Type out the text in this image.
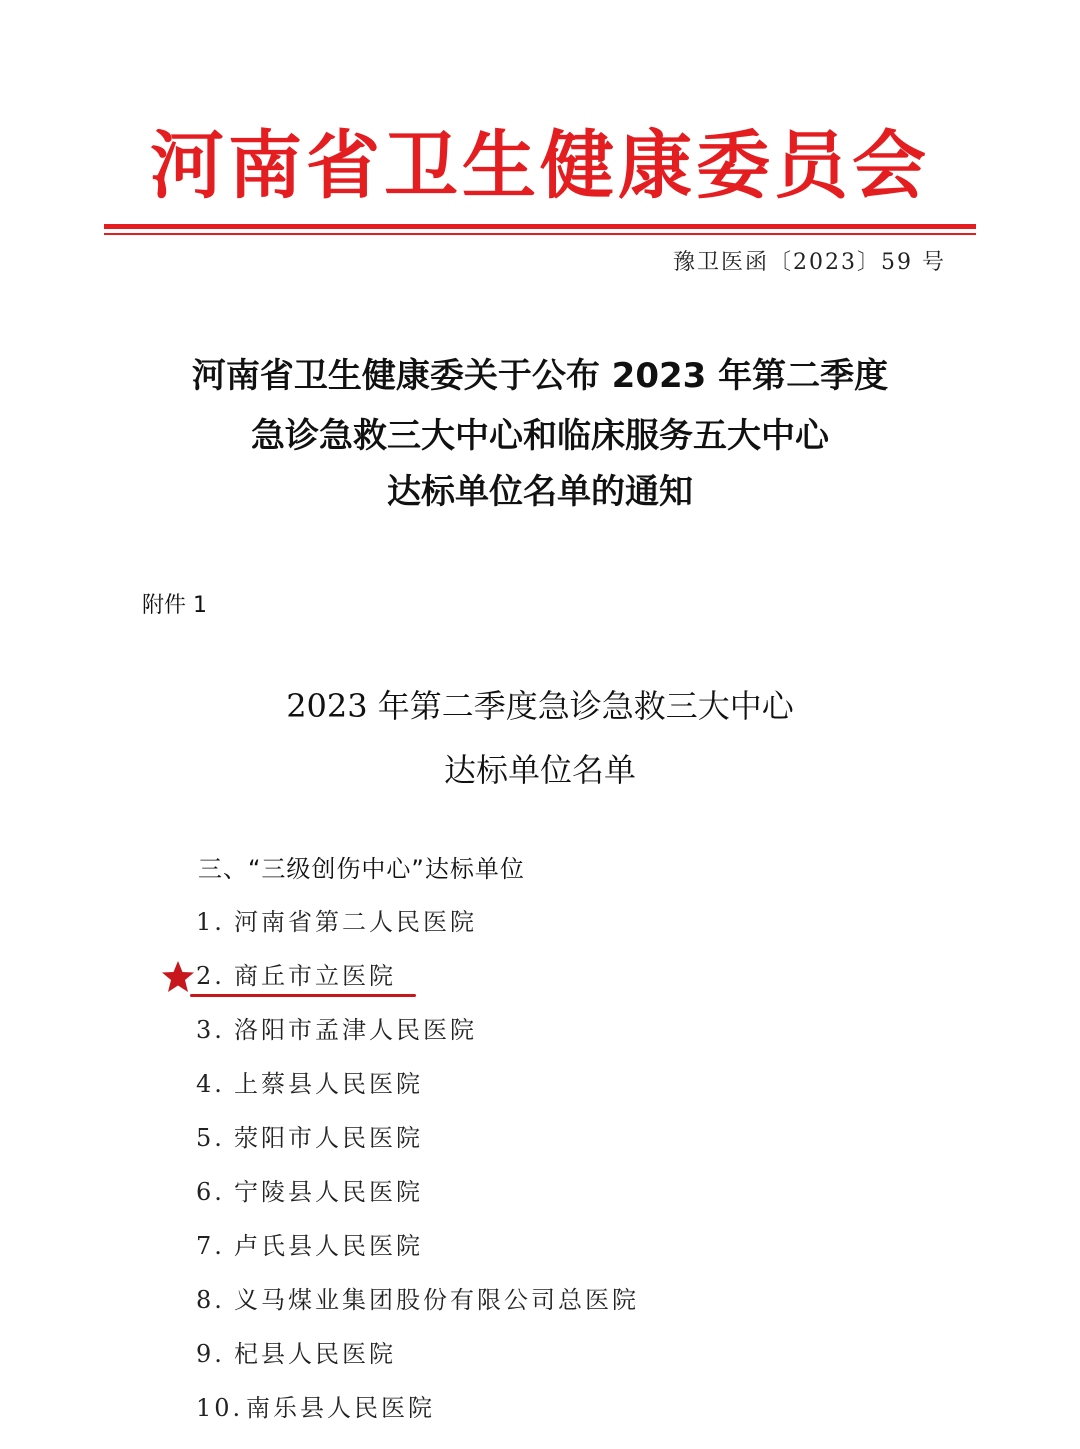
河南省卫生健康委员会
豫卫医函〔2023〕59 号
河南省卫生健康委关于公布 2023 年第二季度
急诊急救三大中心和临床服务五大中心
达标单位名单的通知
附件 1
2023 年第二季度急诊急救三大中心
达标单位名单
三、“三级创伤中心”达标单位
1. 河南省第二人民医院
2. 商丘市立医院
3. 洛阳市孟津人民医院
4. 上蔡县人民医院
5. 荥阳市人民医院
6. 宁陵县人民医院
7. 卢氏县人民医院
8. 义马煤业集团股份有限公司总医院
9. 杞县人民医院
10. 南乐县人民医院
